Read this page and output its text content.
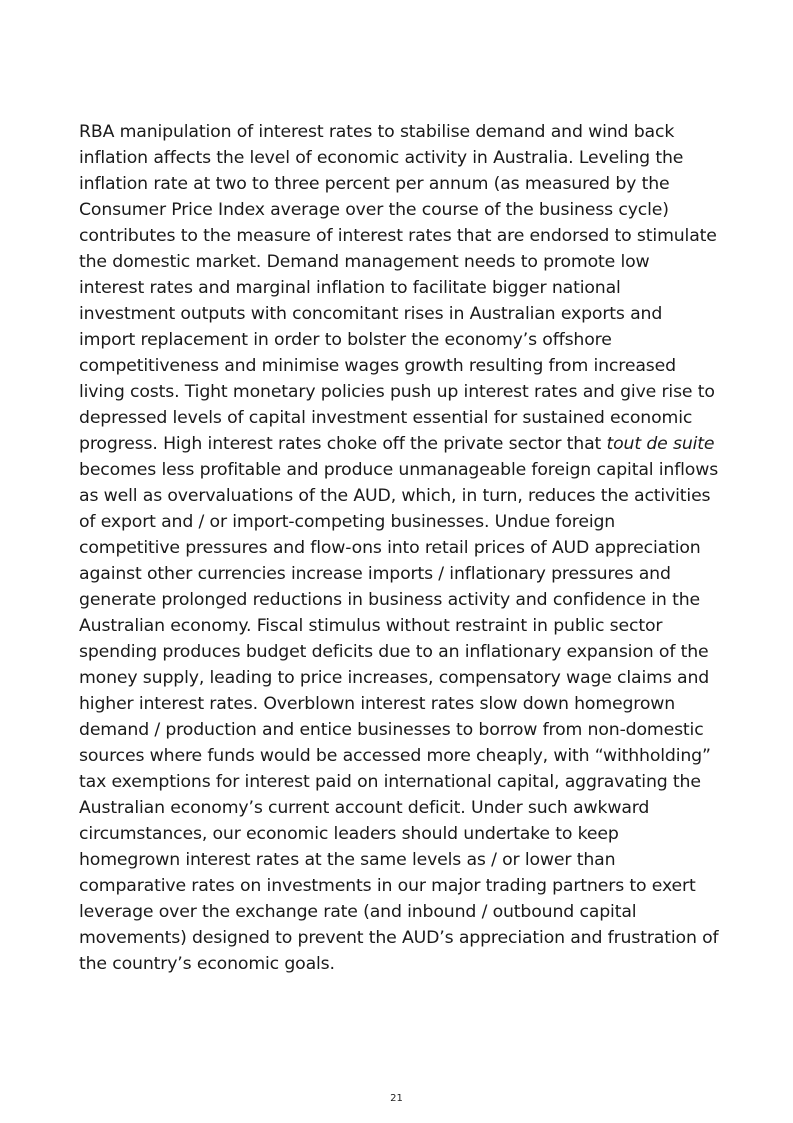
RBA manipulation of interest rates to stabilise demand and wind back inflation affects the level of economic activity in Australia. Leveling the inflation rate at two to three percent per annum (as measured by the Consumer Price Index average over the course of the business cycle) contributes to the measure of interest rates that are endorsed to stimulate the domestic market. Demand management needs to promote low interest rates and marginal inflation to facilitate bigger national investment outputs with concomitant rises in Australian exports and import replacement in order to bolster the economy’s offshore competitiveness and minimise wages growth resulting from increased living costs. Tight monetary policies push up interest rates and give rise to depressed levels of capital investment essential for sustained economic progress. High interest rates choke off the private sector that tout de suite becomes less profitable and produce unmanageable foreign capital inflows as well as overvaluations of the AUD, which, in turn, reduces the activities of export and / or import-competing businesses. Undue foreign competitive pressures and flow-ons into retail prices of AUD appreciation against other currencies increase imports / inflationary pressures and generate prolonged reductions in business activity and confidence in the Australian economy. Fiscal stimulus without restraint in public sector spending produces budget deficits due to an inflationary expansion of the money supply, leading to price increases, compensatory wage claims and higher interest rates. Overblown interest rates slow down homegrown demand / production and entice businesses to borrow from non-domestic sources where funds would be accessed more cheaply, with “withholding” tax exemptions for interest paid on international capital, aggravating the Australian economy’s current account deficit. Under such awkward circumstances, our economic leaders should undertake to keep homegrown interest rates at the same levels as / or lower than comparative rates on investments in our major trading partners to exert leverage over the exchange rate (and inbound / outbound capital movements) designed to prevent the AUD’s appreciation and frustration of the country’s economic goals.

21
